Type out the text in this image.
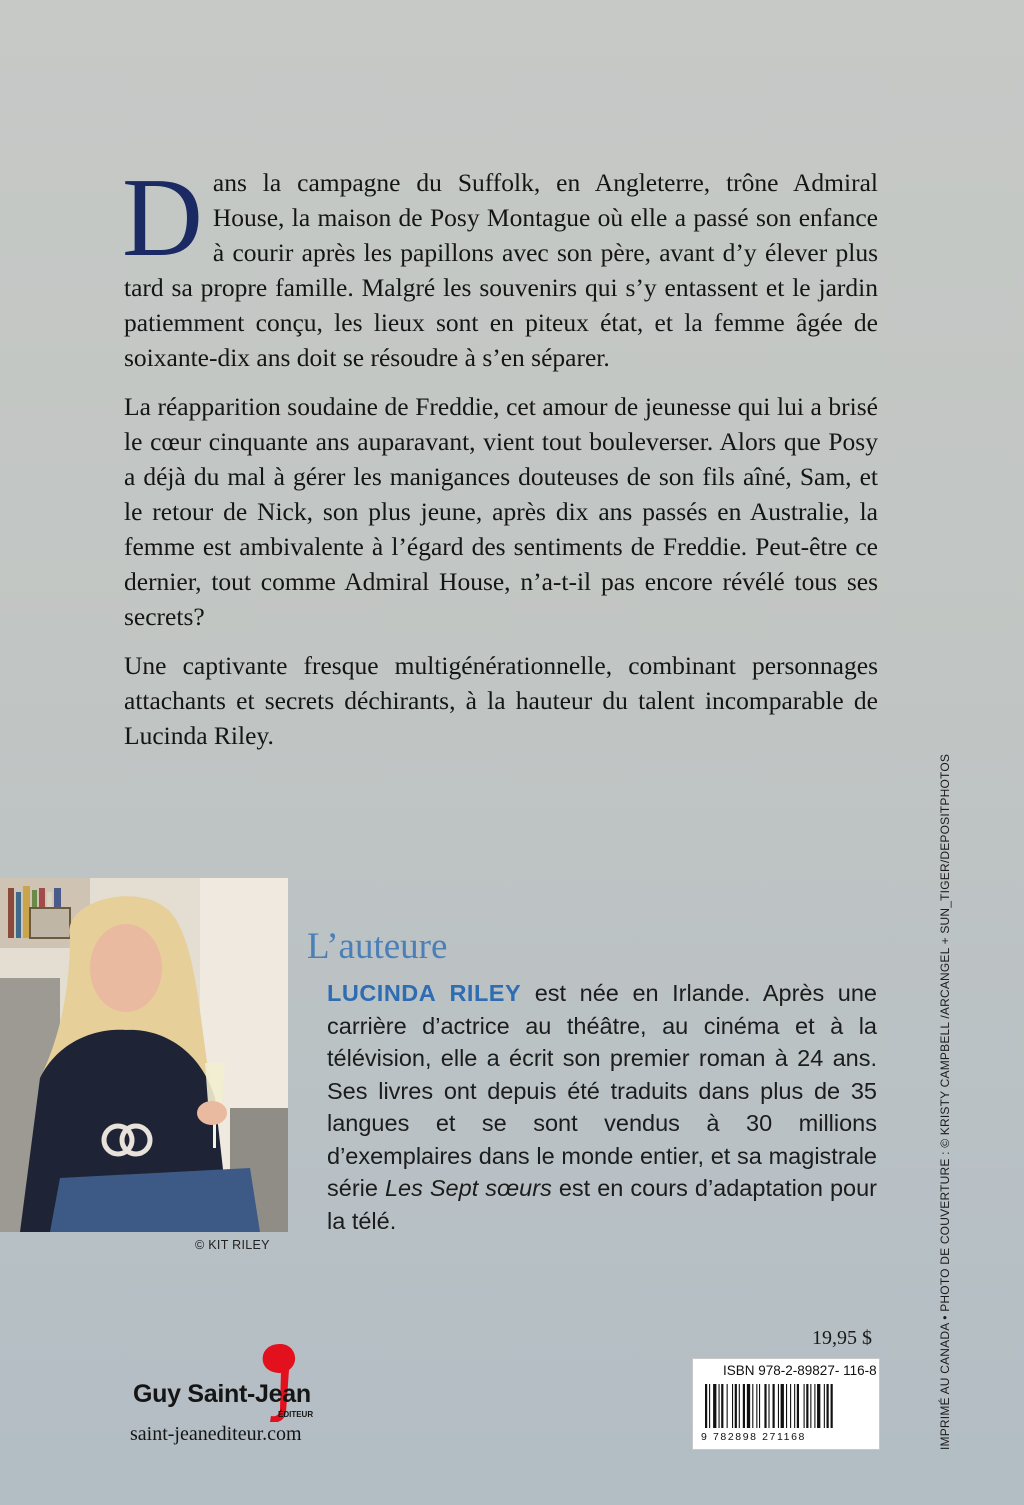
Dans la campagne du Suffolk, en Angleterre, trône Admiral House, la maison de Posy Montague où elle a passé son enfance à courir après les papillons avec son père, avant d’y élever plus tard sa propre famille. Malgré les souvenirs qui s’y entassent et le jardin patiemment conçu, les lieux sont en piteux état, et la femme âgée de soixante-dix ans doit se résoudre à s’en séparer.

La réapparition soudaine de Freddie, cet amour de jeunesse qui lui a brisé le cœur cinquante ans auparavant, vient tout bouleverser. Alors que Posy a déjà du mal à gérer les manigances douteuses de son fils aîné, Sam, et le retour de Nick, son plus jeune, après dix ans passés en Australie, la femme est ambivalente à l’égard des sentiments de Freddie. Peut-être ce dernier, tout comme Admiral House, n’a-t-il pas encore révélé tous ses secrets?

Une captivante fresque multigénérationnelle, combinant personnages attachants et secrets déchirants, à la hauteur du talent incomparable de Lucinda Riley.

© KIT RILEY
L’auteure
LUCINDA RILEY est née en Irlande. Après une carrière d’actrice au théâtre, au cinéma et à la télévision, elle a écrit son premier roman à 24 ans. Ses livres ont depuis été traduits dans plus de 35 langues et se sont vendus à 30 millions d’exemplaires dans le monde entier, et sa magistrale série Les Sept sœurs est en cours d’adaptation pour la télé.
19,95 $
ISBN 978-2-89827- 116-8
9 782898 271168
Guy Saint-Jean
ÉDITEUR
saint-jeanediteur.com	IMPRIMÉ AU CANADA • PHOTO DE COUVERTURE : © KRISTY CAMPBELL /ARCANGEL + SUN_TIGER/DEPOSITPHOTOS
